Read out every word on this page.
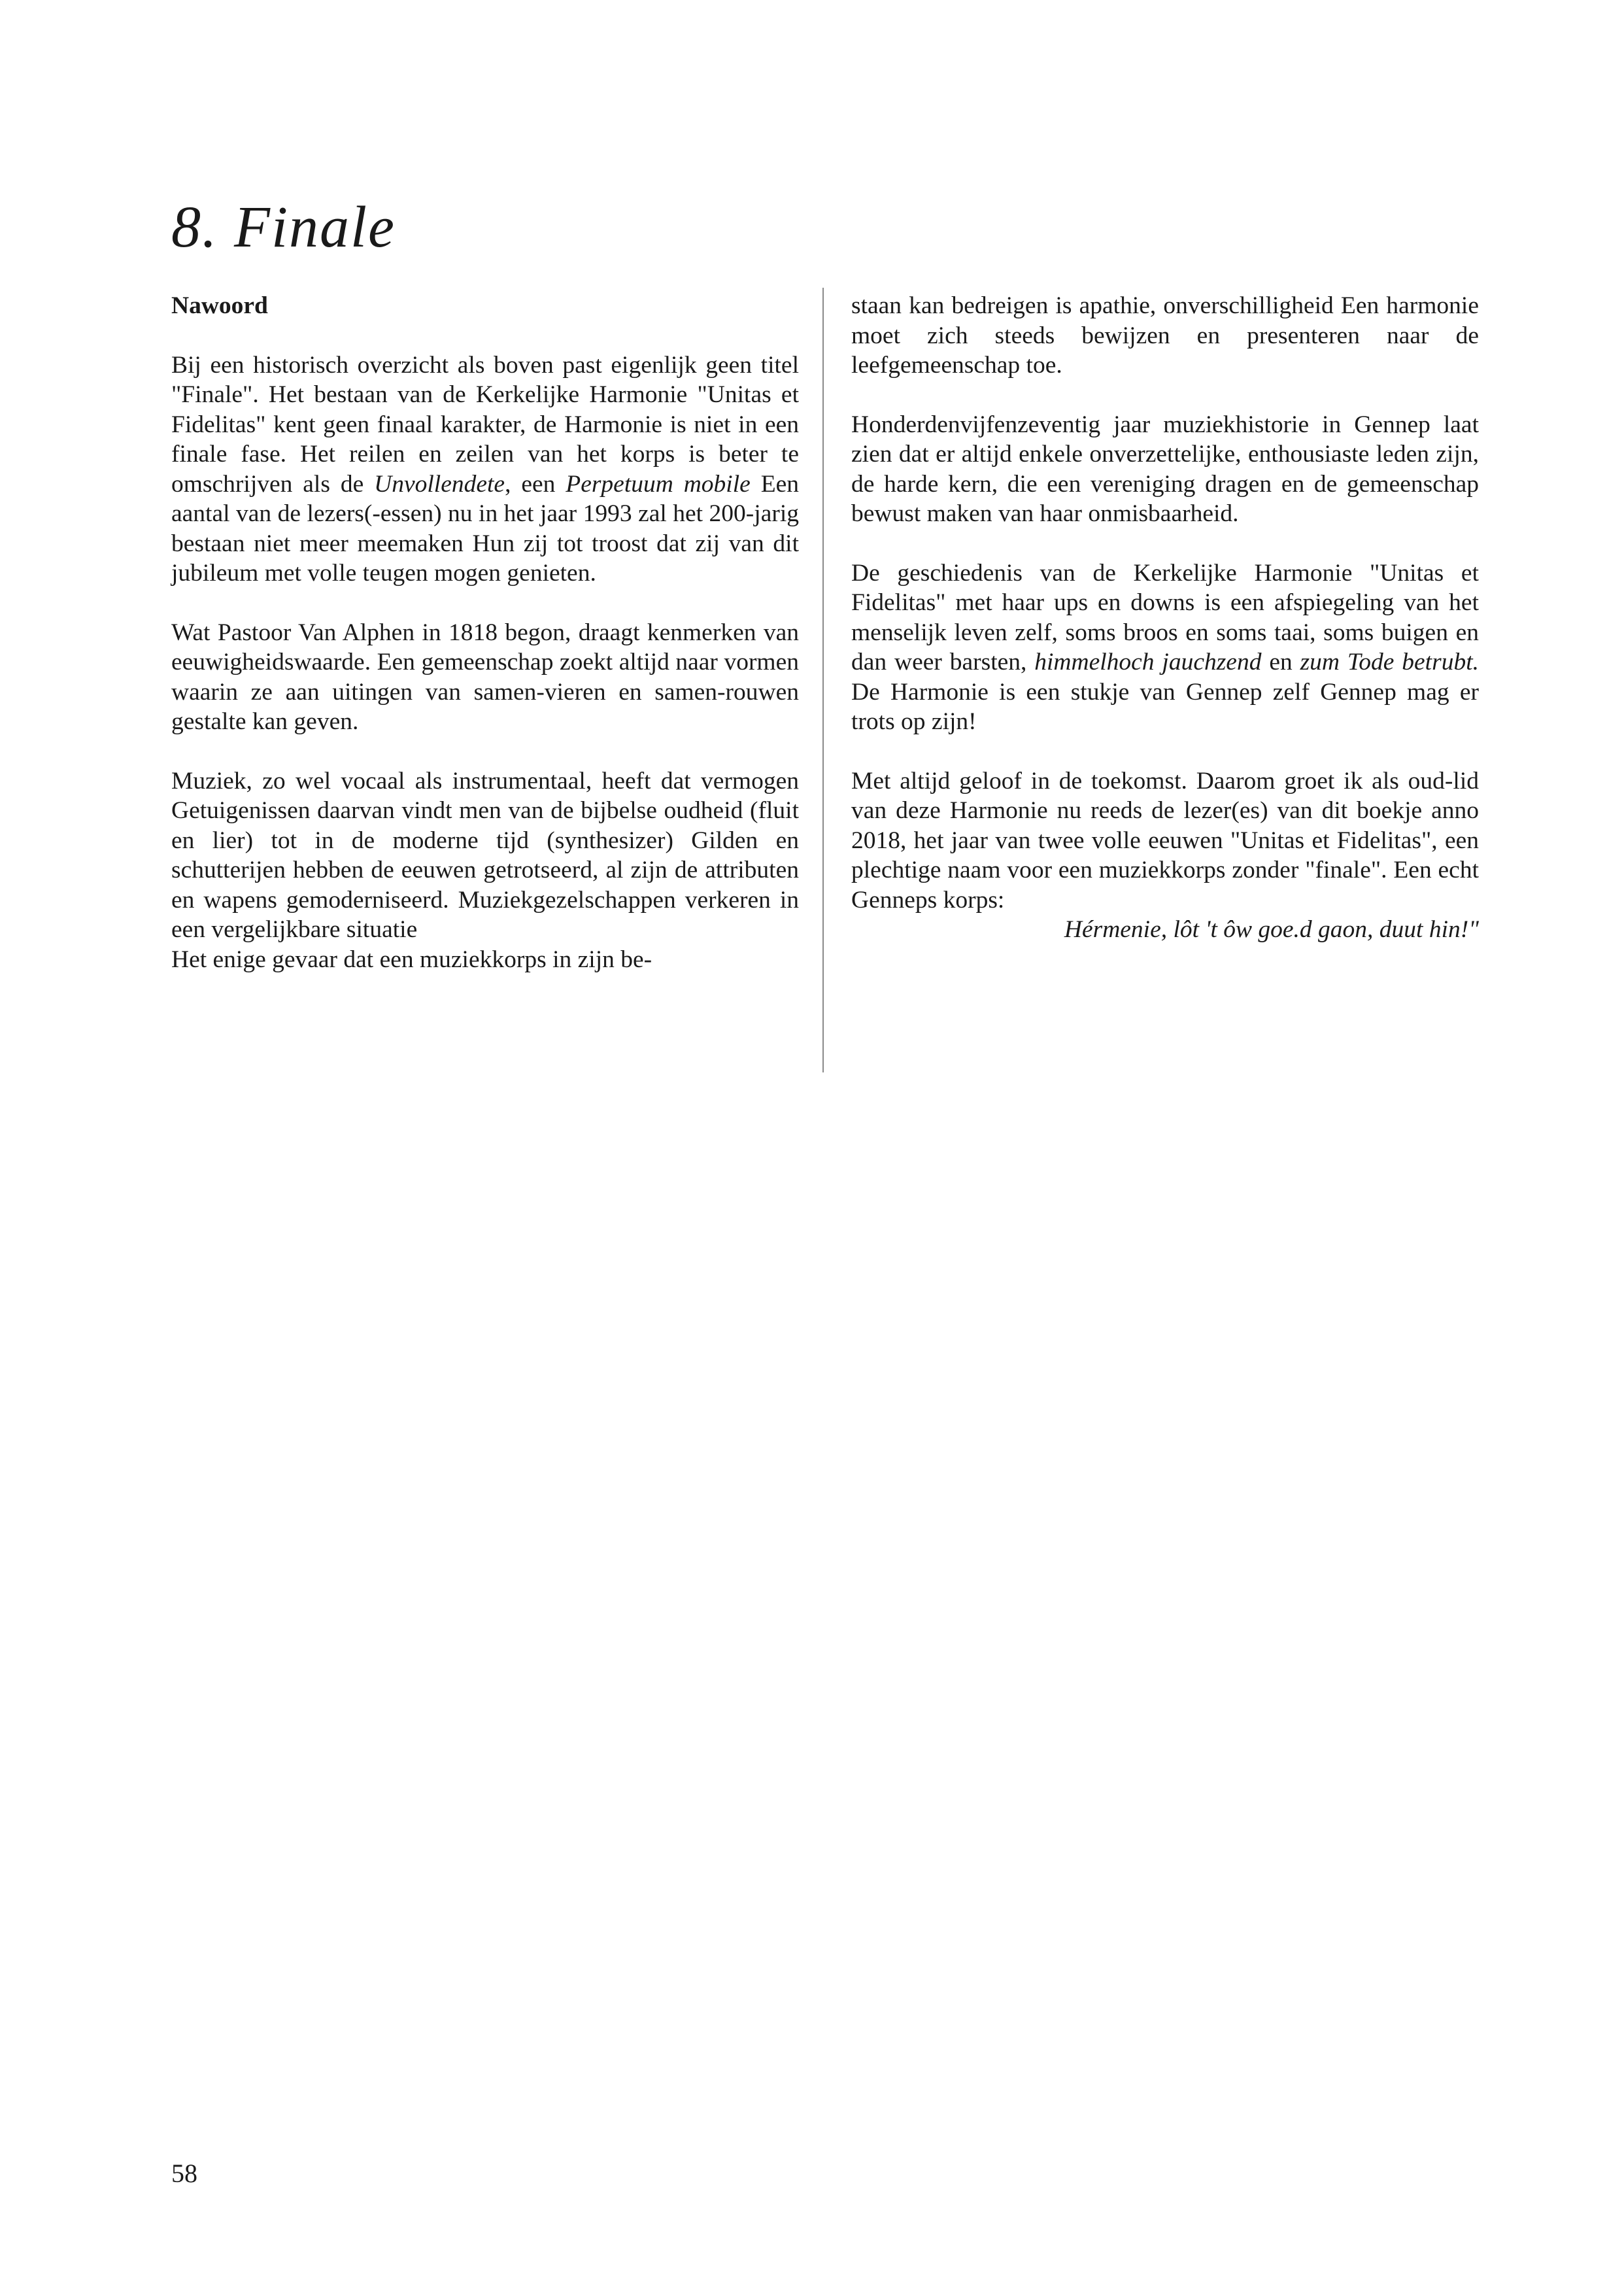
8. Finale

Nawoord

Bij een historisch overzicht als boven past eigenlijk geen titel "Finale". Het bestaan van de Kerkelijke Harmonie "Unitas et Fidelitas" kent geen finaal karakter, de Harmonie is niet in een finale fase. Het reilen en zeilen van het korps is beter te omschrijven als de Unvollendete, een Perpetuum mobile Een aantal van de lezers(-essen) nu in het jaar 1993 zal het 200-jarig bestaan niet meer meemaken Hun zij tot troost dat zij van dit jubileum met volle teugen mogen genieten.

Wat Pastoor Van Alphen in 1818 begon, draagt kenmerken van eeuwigheidswaarde. Een gemeenschap zoekt altijd naar vormen waarin ze aan uitingen van samen-vieren en samen-rouwen gestalte kan geven.

Muziek, zo wel vocaal als instrumentaal, heeft dat vermogen Getuigenissen daarvan vindt men van de bijbelse oudheid (fluit en lier) tot in de moderne tijd (synthesizer) Gilden en schutterijen hebben de eeuwen getrotseerd, al zijn de attributen en wapens gemoderniseerd. Muziekgezelschappen verkeren in een vergelijkbare situatie

Het enige gevaar dat een muziekkorps in zijn be-

staan kan bedreigen is apathie, onverschilligheid Een harmonie moet zich steeds bewijzen en presenteren naar de leefgemeenschap toe.

Honderdenvijfenzeventig jaar muziekhistorie in Gennep laat zien dat er altijd enkele onverzettelijke, enthousiaste leden zijn, de harde kern, die een vereniging dragen en de gemeenschap bewust maken van haar onmisbaarheid.

De geschiedenis van de Kerkelijke Harmonie "Unitas et Fidelitas" met haar ups en downs is een afspiegeling van het menselijk leven zelf, soms broos en soms taai, soms buigen en dan weer barsten, himmelhoch jauchzend en zum Tode betrubt. De Harmonie is een stukje van Gennep zelf Gennep mag er trots op zijn!

Met altijd geloof in de toekomst. Daarom groet ik als oud-lid van deze Harmonie nu reeds de lezer(es) van dit boekje anno 2018, het jaar van twee volle eeuwen "Unitas et Fidelitas", een plechtige naam voor een muziekkorps zonder "finale". Een echt Genneps korps:

Hérmenie, lôt 't ôw goe.d gaon, duut hin!"

58
